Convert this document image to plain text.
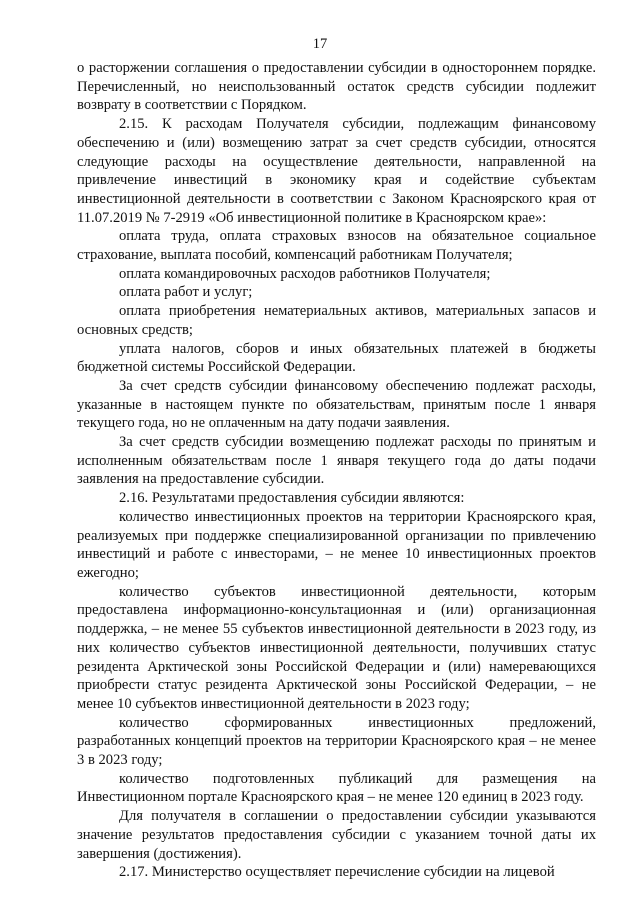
17

о расторжении соглашения о предоставлении субсидии в одностороннем порядке. Перечисленный, но неиспользованный остаток средств субсидии подлежит возврату в соответствии с Порядком.

2.15. К расходам Получателя субсидии, подлежащим финансовому обеспечению и (или) возмещению затрат за счет средств субсидии, относятся следующие расходы на осуществление деятельности, направленной на привлечение инвестиций в экономику края и содействие субъектам инвестиционной деятельности в соответствии с Законом Красноярского края от 11.07.2019 № 7-2919 «Об инвестиционной политике в Красноярском крае»:

оплата труда, оплата страховых взносов на обязательное социальное страхование, выплата пособий, компенсаций работникам Получателя;

оплата командировочных расходов работников Получателя;

оплата работ и услуг;

оплата приобретения нематериальных активов, материальных запасов и основных средств;

уплата налогов, сборов и иных обязательных платежей в бюджеты бюджетной системы Российской Федерации.

За счет средств субсидии финансовому обеспечению подлежат расходы, указанные в настоящем пункте по обязательствам, принятым после 1 января текущего года, но не оплаченным на дату подачи заявления.

За счет средств субсидии возмещению подлежат расходы по принятым и исполненным обязательствам после 1 января текущего года до даты подачи заявления на предоставление субсидии.

2.16. Результатами предоставления субсидии являются:

количество инвестиционных проектов на территории Красноярского края, реализуемых при поддержке специализированной организации по привлечению инвестиций и работе с инвесторами, – не менее 10 инвестиционных проектов ежегодно;

количество субъектов инвестиционной деятельности, которым предоставлена информационно-консультационная и (или) организационная поддержка, – не менее 55 субъектов инвестиционной деятельности в 2023 году, из них количество субъектов инвестиционной деятельности, получивших статус резидента Арктической зоны Российской Федерации и (или) намеревающихся приобрести статус резидента Арктической зоны Российской Федерации, – не менее 10 субъектов инвестиционной деятельности в 2023 году;

количество сформированных инвестиционных предложений, разработанных концепций проектов на территории Красноярского края – не менее 3 в 2023 году;

количество подготовленных публикаций для размещения на Инвестиционном портале Красноярского края – не менее 120 единиц в 2023 году.

Для получателя в соглашении о предоставлении субсидии указываются значение результатов предоставления субсидии с указанием точной даты их завершения (достижения).

2.17. Министерство осуществляет перечисление субсидии на лицевой
